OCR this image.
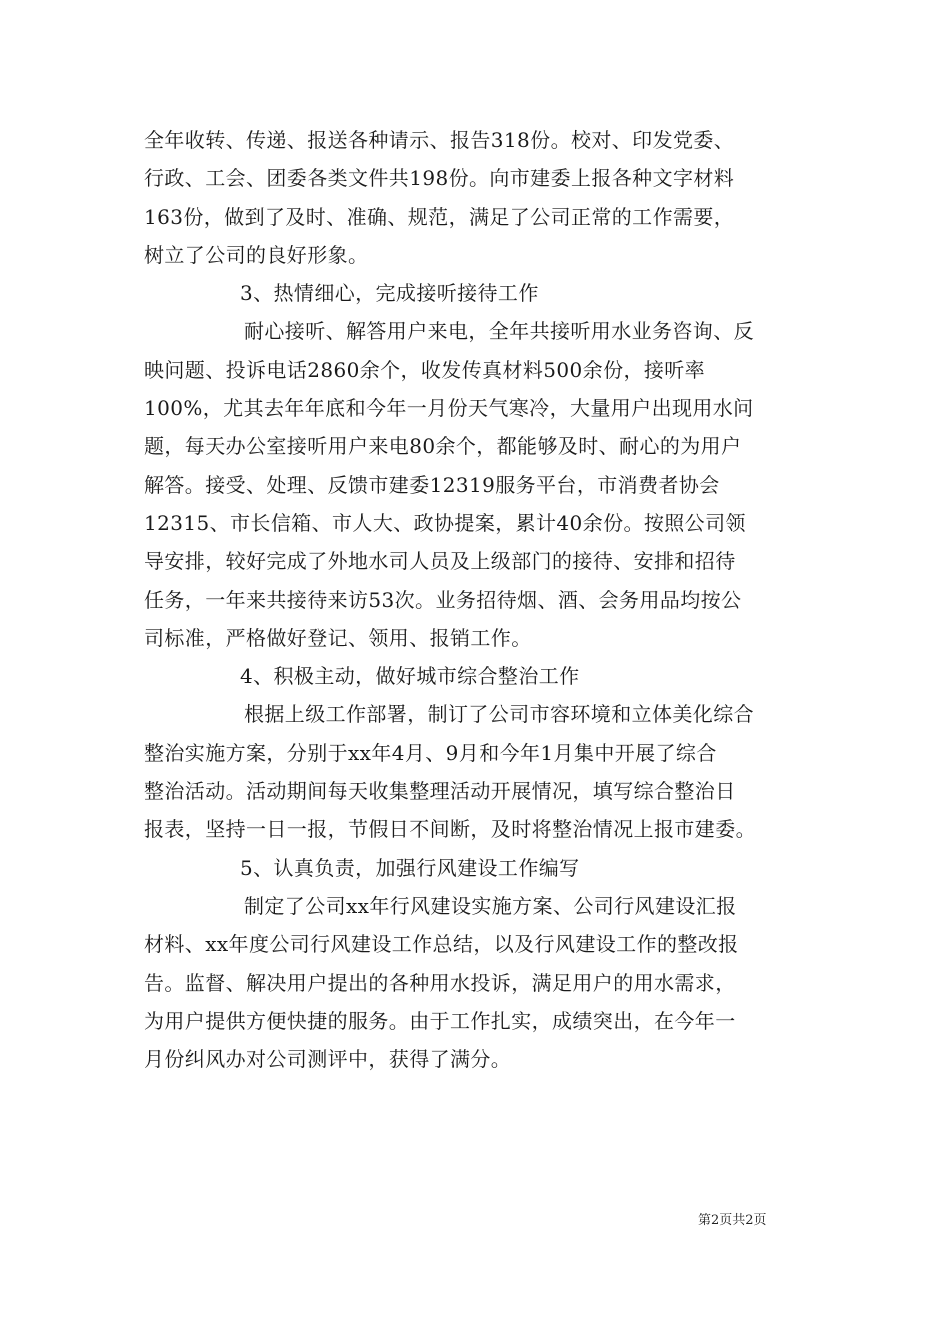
全年收转、传递、报送各种请示、报告318份。校对、印发党委、
行政、工会、团委各类文件共198份。向市建委上报各种文字材料
163份，做到了及时、准确、规范，满足了公司正常的工作需要，
树立了公司的良好形象。
3、热情细心，完成接听接待工作
耐心接听、解答用户来电，全年共接听用水业务咨询、反
映问题、投诉电话2860余个，收发传真材料500余份，接听率
100%，尤其去年年底和今年一月份天气寒冷，大量用户出现用水问
题，每天办公室接听用户来电80余个，都能够及时、耐心的为用户
解答。接受、处理、反馈市建委12319服务平台，市消费者协会
12315、市长信箱、市人大、政协提案，累计40余份。按照公司领
导安排，较好完成了外地水司人员及上级部门的接待、安排和招待
任务，一年来共接待来访53次。业务招待烟、酒、会务用品均按公
司标准，严格做好登记、领用、报销工作。
4、积极主动，做好城市综合整治工作
根据上级工作部署，制订了公司市容环境和立体美化综合
整治实施方案，分别于xx年4月、9月和今年1月集中开展了综合
整治活动。活动期间每天收集整理活动开展情况，填写综合整治日
报表，坚持一日一报，节假日不间断，及时将整治情况上报市建委。
5、认真负责，加强行风建设工作编写
制定了公司xx年行风建设实施方案、公司行风建设汇报
材料、xx年度公司行风建设工作总结，以及行风建设工作的整改报
告。监督、解决用户提出的各种用水投诉，满足用户的用水需求，
为用户提供方便快捷的服务。由于工作扎实，成绩突出，在今年一
月份纠风办对公司测评中，获得了满分。
第2页共2页
